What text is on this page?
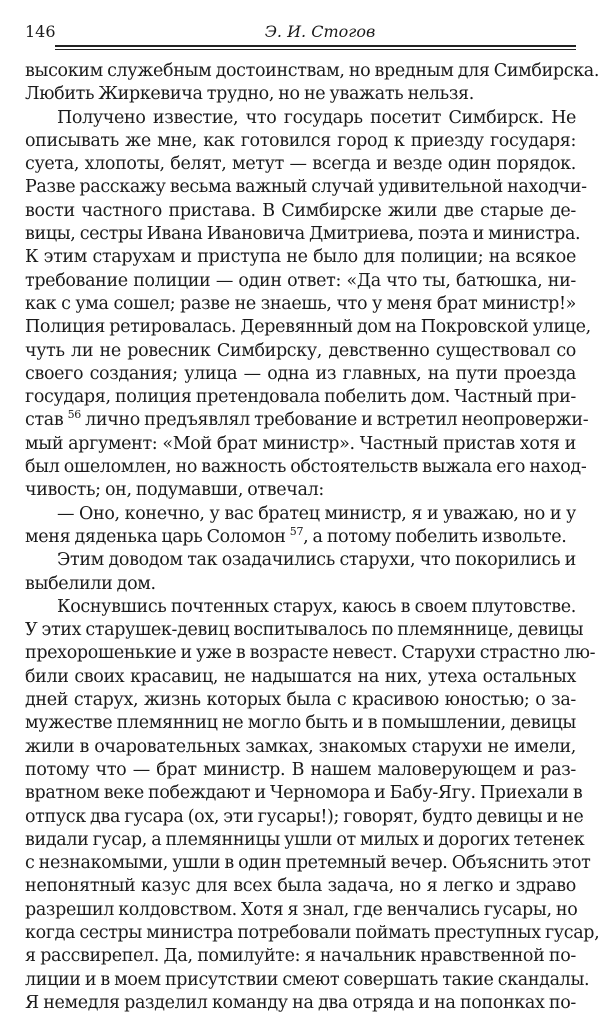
146	Э. И. Стогов
высоким служебным достоинствам, но вредным для Симбирска.
Любить Жиркевича трудно, но не уважать нельзя.
Получено известие, что государь посетит Симбирск. Не
описывать же мне, как готовился город к приезду государя:
суета, хлопоты, белят, метут — всегда и везде один порядок.
Разве расскажу весьма важный случай удивительной находчи-
вости частного пристава. В Симбирске жили две старые де-
вицы, сестры Ивана Ивановича Дмитриева, поэта и министра.
К этим старухам и приступа не было для полиции; на всякое
требование полиции — один ответ: «Да что ты, батюшка, ни-
как с ума сошел; разве не знаешь, что у меня брат министр!»
Полиция ретировалась. Деревянный дом на Покровской улице,
чуть ли не ровесник Симбирску, девственно существовал со
своего создания; улица — одна из главных, на пути проезда
государя, полиция претендовала побелить дом. Частный при-
став $^{56}$ лично предъявлял требование и встретил неопровержи-
мый аргумент: «Мой брат министр». Частный пристав хотя и
был ошеломлен, но важность обстоятельств выжала его наход-
чивость; он, подумавши, отвечал:
— Оно, конечно, у вас братец министр, я и уважаю, но и у
меня дяденька царь Соломон $^{57}$, а потому побелить извольте.
Этим доводом так озадачились старухи, что покорились и
выбелили дом.
Коснувшись почтенных старух, каюсь в своем плутовстве.
У этих старушек-девиц воспитывалось по племяннице, девицы
прехорошенькие и уже в возрасте невест. Старухи страстно лю-
били своих красавиц, не надышатся на них, утеха остальных
дней старух, жизнь которых была с красивою юностью; о за-
мужестве племянниц не могло быть и в помышлении, девицы
жили в очаровательных замках, знакомых старухи не имели,
потому что — брат министр. В нашем маловерующем и раз-
вратном веке побеждают и Черномора и Бабу-Ягу. Приехали в
отпуск два гусара (ох, эти гусары!); говорят, будто девицы и не
видали гусар, а племянницы ушли от милых и дорогих тетенек
с незнакомыми, ушли в один претемный вечер. Объяснить этот
непонятный казус для всех была задача, но я легко и здраво
разрешил колдовством. Хотя я знал, где венчались гусары, но
когда сестры министра потребовали поймать преступных гусар,
я рассвирепел. Да, помилуйте: я начальник нравственной по-
лиции и в моем присутствии смеют совершать такие скандалы.
Я немедля разделил команду на два отряда и на попонках по-
